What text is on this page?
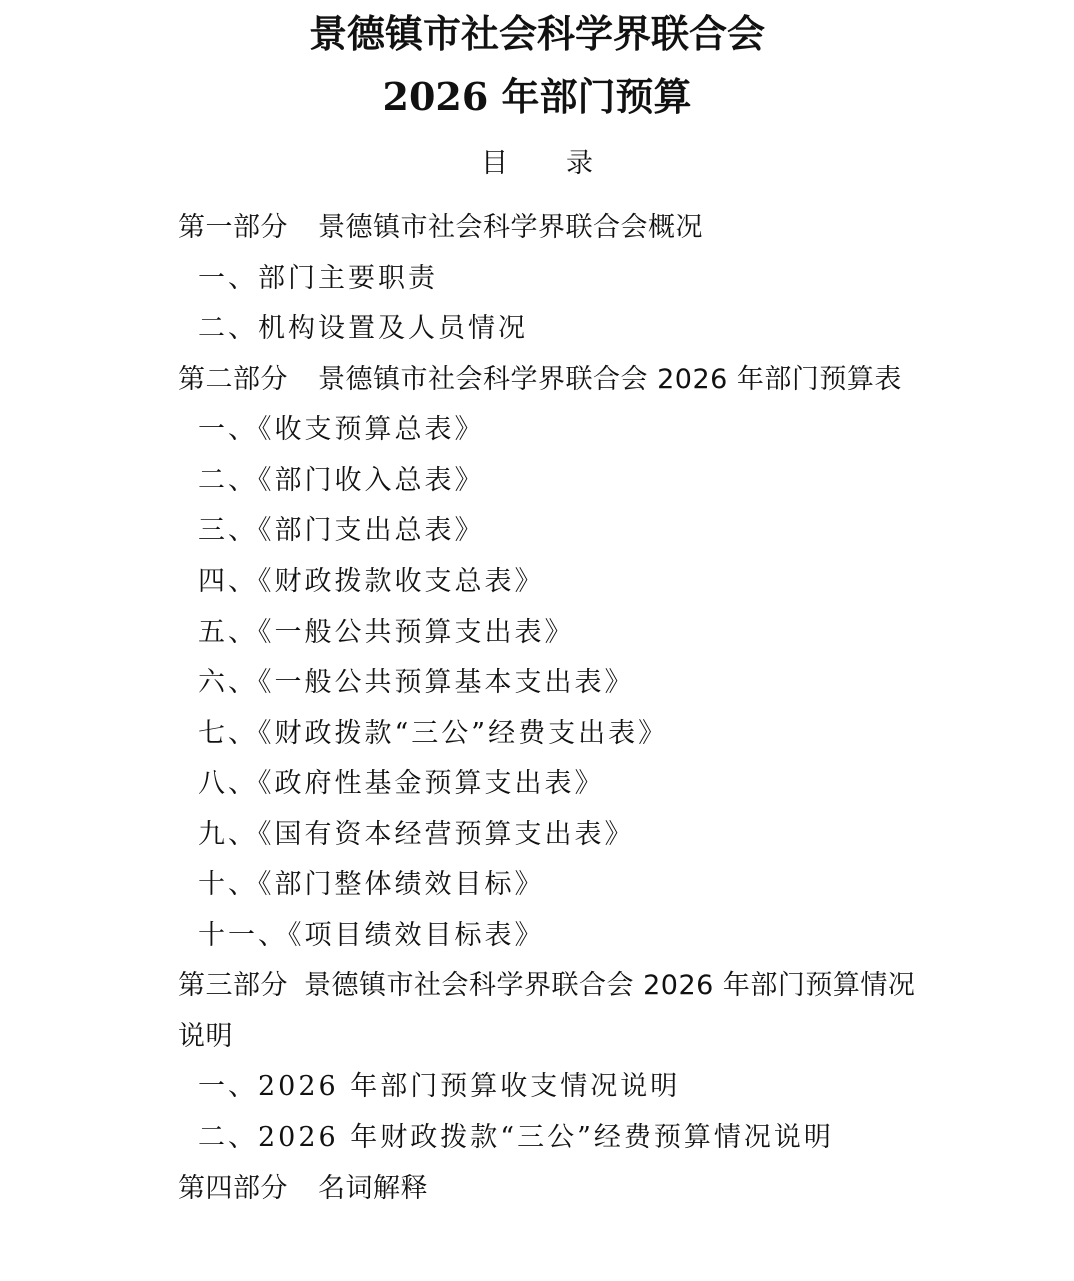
景德镇市社会科学界联合会
2026 年部门预算
目录
第一部分 景德镇市社会科学界联合会概况
一、部门主要职责
二、机构设置及人员情况
第二部分 景德镇市社会科学界联合会 2026 年部门预算表
一、《收支预算总表》
二、《部门收入总表》
三、《部门支出总表》
四、《财政拨款收支总表》
五、《一般公共预算支出表》
六、《一般公共预算基本支出表》
七、《财政拨款“三公”经费支出表》
八、《政府性基金预算支出表》
九、《国有资本经营预算支出表》
十、《部门整体绩效目标》
十一、《项目绩效目标表》
第三部分 景德镇市社会科学界联合会 2026 年部门预算情况
说明
一、2026 年部门预算收支情况说明
二、2026 年财政拨款“三公”经费预算情况说明
第四部分 名词解释
